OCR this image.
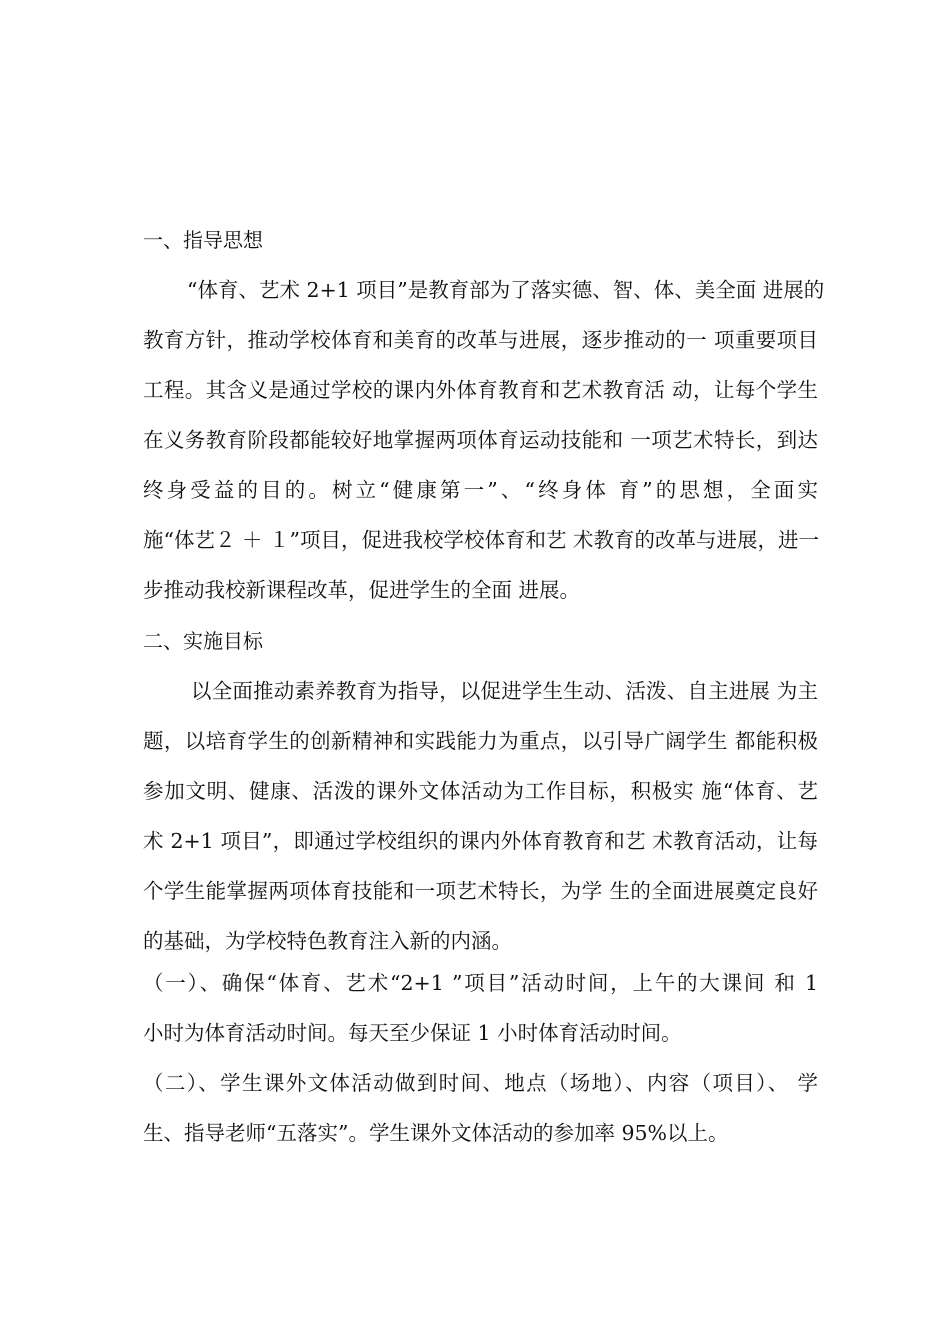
一、指导思想
“体育、艺术 2+1 项目”是教育部为了落实德、智、体、美全面 进展的
教育方针，推动学校体育和美育的改革与进展，逐步推动的一 项重要项目
工程。其含义是通过学校的课内外体育教育和艺术教育活 动，让每个学生
在义务教育阶段都能较好地掌握两项体育运动技能和 一项艺术特长，到达
终身受益的目的。树立“健康第一”、“终身体 育”的思想，全面实
施“体艺２ ＋ １”项目，促进我校学校体育和艺 术教育的改革与进展，进一
步推动我校新课程改革，促进学生的全面 进展。
二、实施目标
以全面推动素养教育为指导，以促进学生生动、活泼、自主进展 为主
题，以培育学生的创新精神和实践能力为重点，以引导广阔学生 都能积极
参加文明、健康、活泼的课外文体活动为工作目标，积极实 施“体育、艺
术 2+1 项目”，即通过学校组织的课内外体育教育和艺 术教育活动，让每
个学生能掌握两项体育技能和一项艺术特长，为学 生的全面进展奠定良好
的基础，为学校特色教育注入新的内涵。
（一）、确保“体育、艺术“2+1 ”项目”活动时间，上午的大课间 和 1
小时为体育活动时间。每天至少保证 1 小时体育活动时间。
（二）、学生课外文体活动做到时间、地点（场地）、内容（项目）、 学
生、指导老师“五落实”。学生课外文体活动的参加率 95%以上。
